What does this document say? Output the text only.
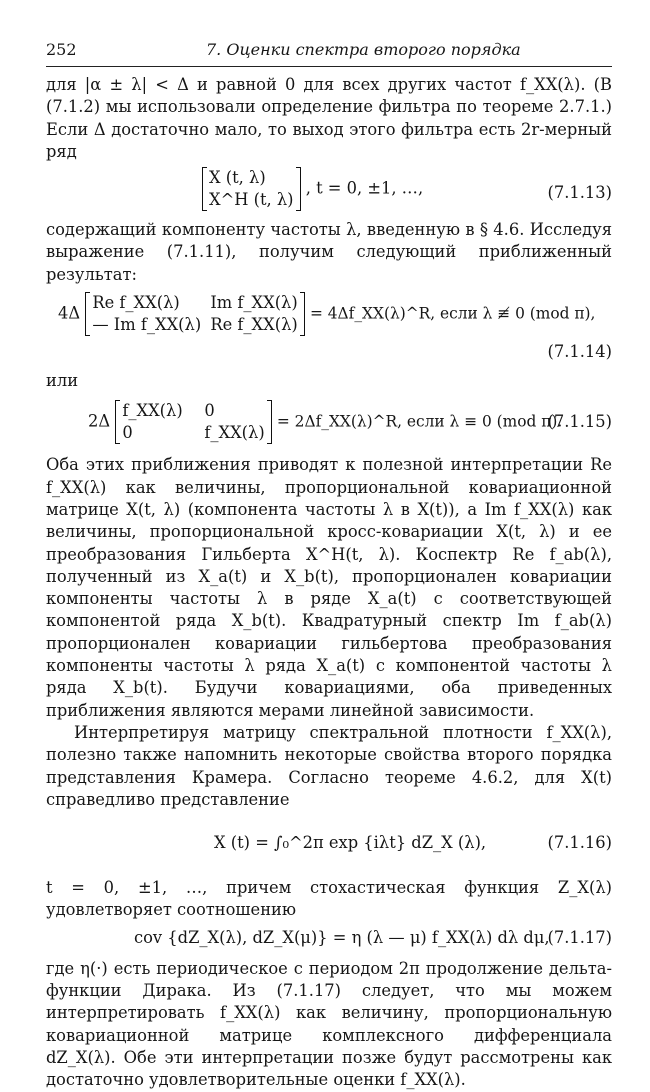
252	7. Оценки спектра второго порядка

для |α ± λ| < Δ и равной 0 для всех других частот f_XX(λ). (В (7.1.2) мы использовали определение фильтра по теореме 2.7.1.) Если Δ достаточно мало, то выход этого фильтра есть 2r-мерный ряд

X (t, λ)
X^H (t, λ)
, t = 0, ±1, …,	(7.1.13)

содержащий компоненту частоты λ, введенную в § 4.6. Исследуя выражение (7.1.11), получим следующий приближенный результат:

4Δ
Re f_XX(λ) Im f_XX(λ)
— Im f_XX(λ) Re f_XX(λ)
= 4Δf_XX(λ)^R, если λ ≢ 0 (mod π),
(7.1.14)

или

2Δ
f_XX(λ) 0
0	f_XX(λ)
= 2Δf_XX(λ)^R, если λ ≡ 0 (mod π).
(7.1.15)

Оба этих приближения приводят к полезной интерпретации Re f_XX(λ) как величины, пропорциональной ковариационной матрице X(t, λ) (компонента частоты λ в X(t)), а Im f_XX(λ) как величины, пропорциональной кросс-ковариации X(t, λ) и ее преобразования Гильберта X^H(t, λ). Коспектр Re f_ab(λ), полученный из X_a(t) и X_b(t), пропорционален ковариации компоненты частоты λ в ряде X_a(t) с соответствующей компонентой ряда X_b(t). Квадратурный спектр Im f_ab(λ) пропорционален ковариации гильбертова преобразования компоненты частоты λ ряда X_a(t) с компонентой частоты λ ряда X_b(t). Будучи ковариациями, оба приведенных приближения являются мерами линейной зависимости.

Интерпретируя матрицу спектральной плотности f_XX(λ), полезно также напомнить некоторые свойства второго порядка представления Крамера. Согласно теореме 4.6.2, для X(t) справедливо представление

X (t) = ∫₀^2π exp {iλt} dZ_X (λ),	(7.1.16)

t = 0, ±1, …, причем стохастическая функция Z_X(λ) удовлетворяет соотношению

cov {dZ_X(λ), dZ_X(μ)} = η (λ — μ) f_XX(λ) dλ dμ,
(7.1.17)

где η(·) есть периодическое с периодом 2π продолжение дельта-функции Дирака. Из (7.1.17) следует, что мы можем интерпретировать f_XX(λ) как величину, пропорциональную ковариационной матрице комплексного дифференциала dZ_X(λ). Обе эти интерпретации позже будут рассмотрены как достаточно удовлетворительные оценки f_XX(λ).
